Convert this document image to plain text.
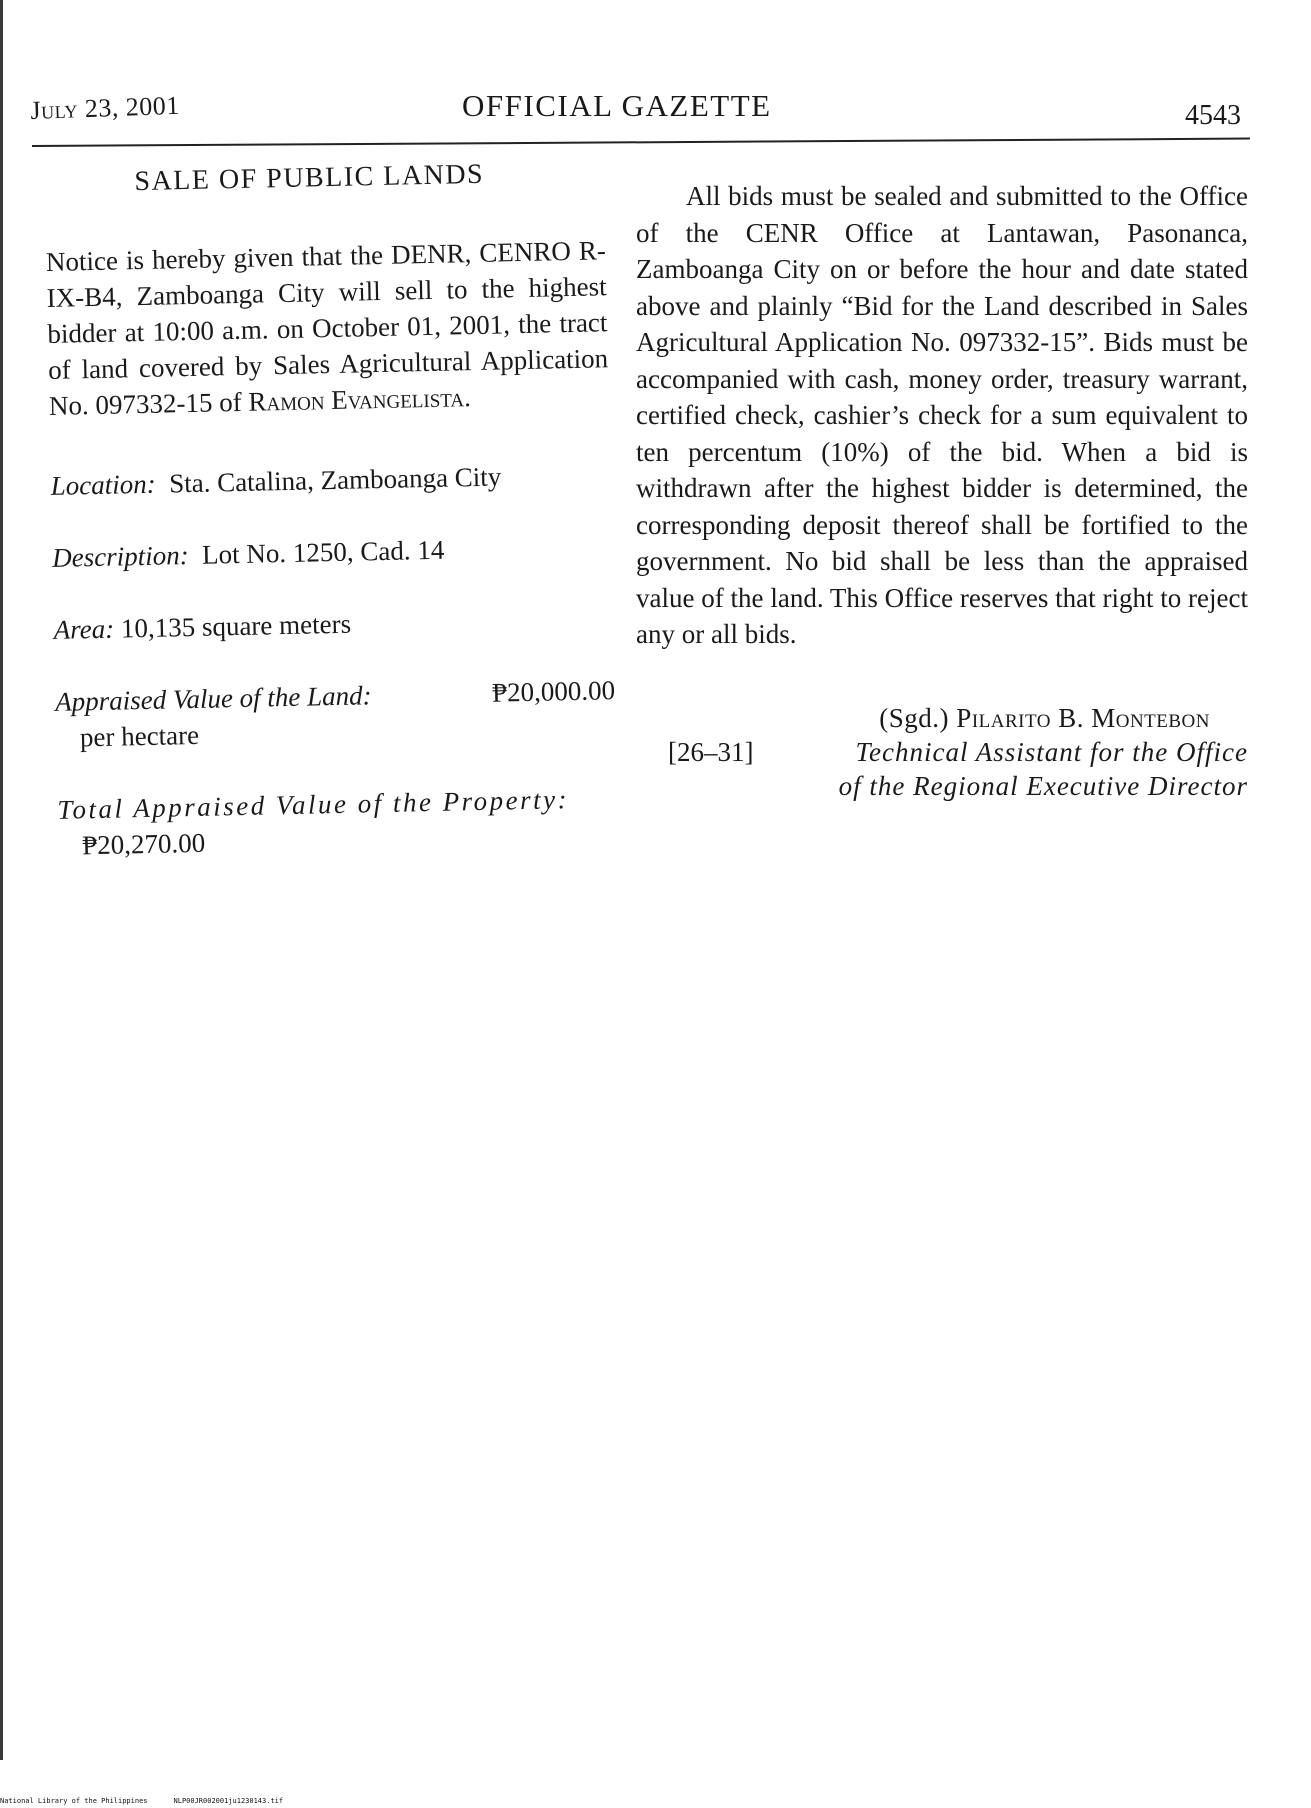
July 23, 2001	OFFICIAL GAZETTE	4543
SALE OF PUBLIC LANDS

Notice is hereby given that the DENR, CENRO R-IX-B4, Zamboanga City will sell to the highest bidder at 10:00 a.m. on October 01, 2001, the tract of land covered by Sales Agricultural Application No. 097332-15 of Ramon Evangelista.

Location: Sta. Catalina, Zamboanga City
Description: Lot No. 1250, Cad. 14
Area: 10,135 square meters
Appraised Value of the Land:	₱20,000.00
per hectare
Total Appraised Value of the Property:
₱20,270.00

All bids must be sealed and submitted to the Office of the CENR Office at Lantawan, Pasonanca, Zamboanga City on or before the hour and date stated above and plainly “Bid for the Land described in Sales Agricultural Application No. 097332-15”. Bids must be accompanied with cash, money order, treasury warrant, certified check, cashier’s check for a sum equivalent to ten percentum (10%) of the bid. When a bid is withdrawn after the highest bidder is determined, the corresponding deposit thereof shall be fortified to the government. No bid shall be less than the appraised value of the land. This Office reserves that right to reject any or all bids.

(Sgd.) Pilarito B. Montebon
[26–31]	Technical Assistant for the Office
of the Regional Executive Director
National Library of the Philippines	NLP00JR002001ju1230143.tif
